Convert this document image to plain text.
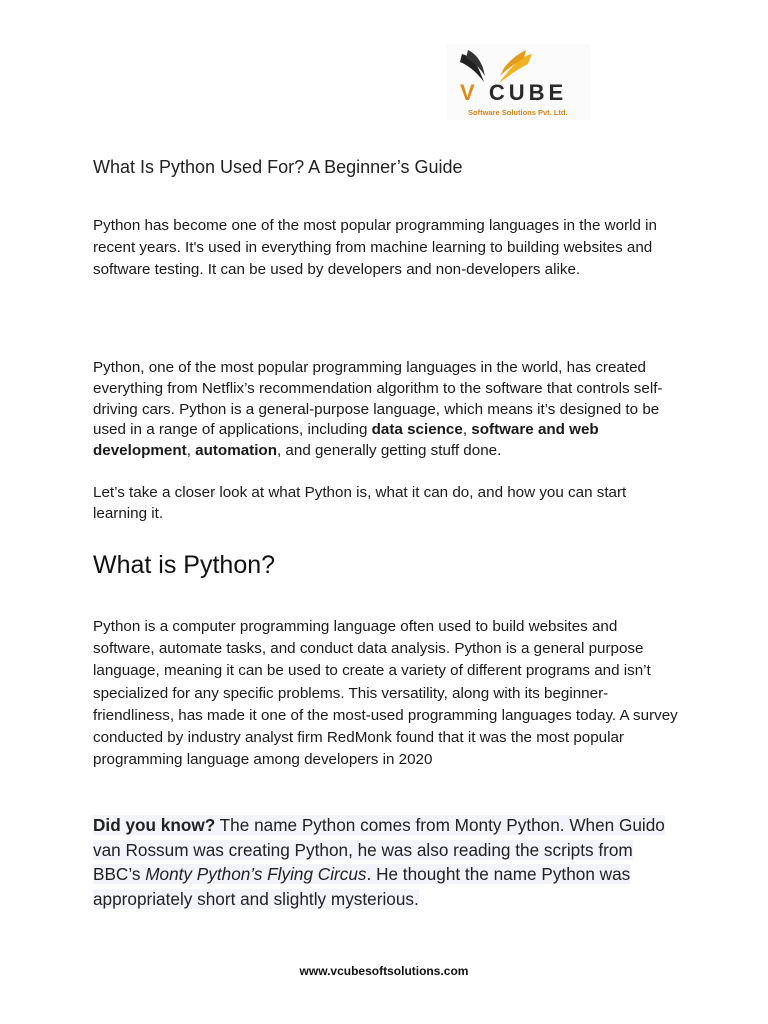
V CUBE
Software Solutions Pvt. Ltd.
What Is Python Used For? A Beginner’s Guide

Python has become one of the most popular programming languages in the world in recent years. It's used in everything from machine learning to building websites and software testing. It can be used by developers and non-developers alike.

Python, one of the most popular programming languages in the world, has created everything from Netflix’s recommendation algorithm to the software that controls self-driving cars. Python is a general-purpose language, which means it’s designed to be used in a range of applications, including data science, software and web development, automation, and generally getting stuff done.

Let’s take a closer look at what Python is, what it can do, and how you can start learning it.

What is Python?

Python is a computer programming language often used to build websites and software, automate tasks, and conduct data analysis. Python is a general purpose language, meaning it can be used to create a variety of different programs and isn’t specialized for any specific problems. This versatility, along with its beginner-friendliness, has made it one of the most-used programming languages today. A survey conducted by industry analyst firm RedMonk found that it was the most popular programming language among developers in 2020

Did you know? The name Python comes from Monty Python. When Guido van Rossum was creating Python, he was also reading the scripts from BBC’s Monty Python’s Flying Circus. He thought the name Python was appropriately short and slightly mysterious.

www.vcubesoftsolutions.com
